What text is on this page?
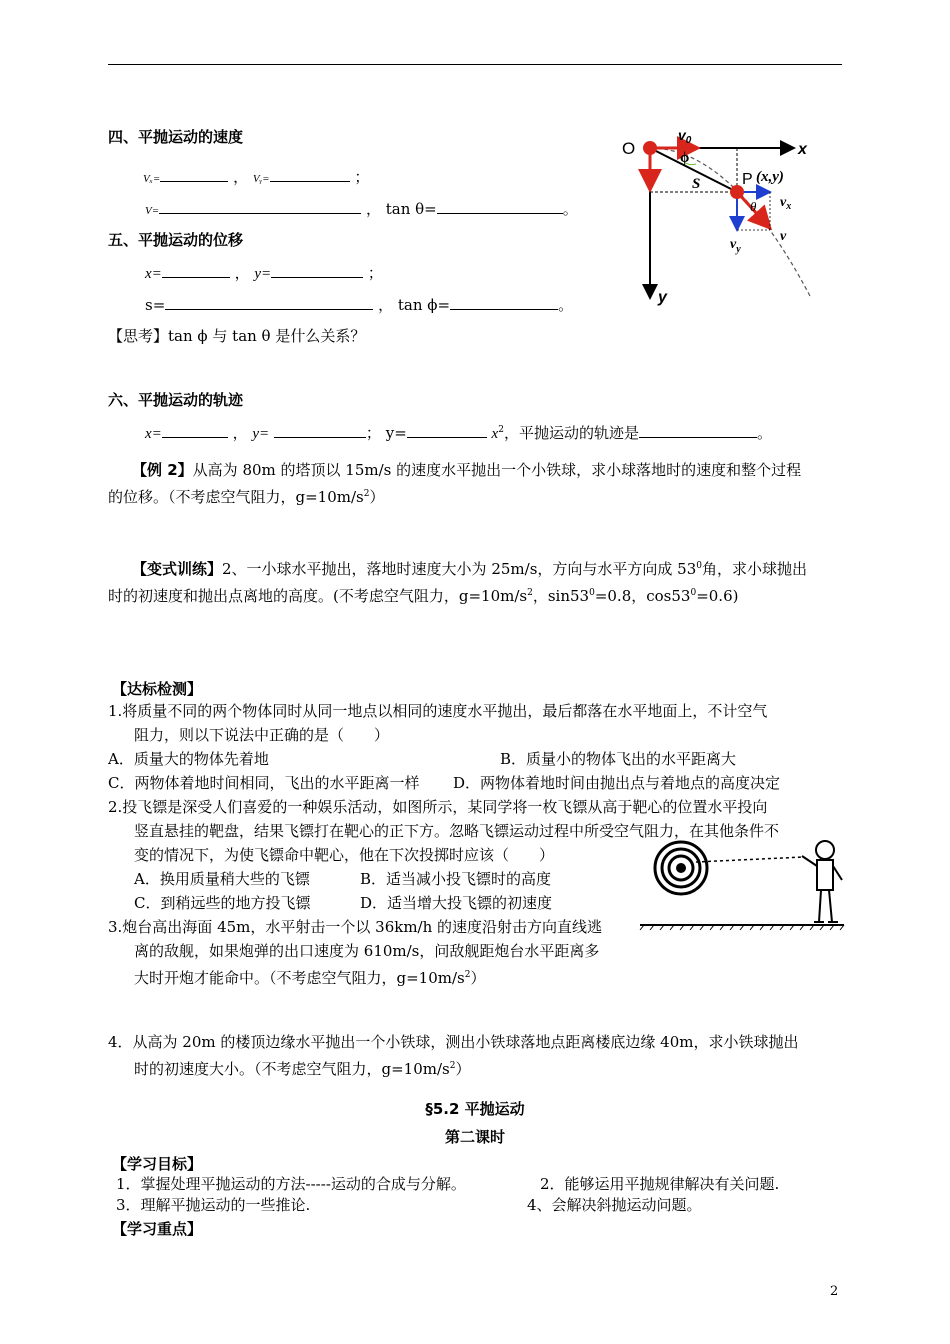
四、平抛运动的速度
Vₓ=	， Vᵧ=	；
V=	， tan θ=	。
五、平抛运动的位移
x=	， y=	；
s=	， tan ϕ=	。
【思考】tan ϕ 与 tan θ 是什么关系？
O
$v_0$
x
y
ϕ
S	P (x,y)
$v_x$
$v_y$
θ
v
六、平抛运动的轨迹
x=	， y=	； y=	$x^2$，平抛运动的轨迹是	。
【例 2】从高为 80m 的塔顶以 15m/s 的速度水平抛出一个小铁球，求小球落地时的速度和整个过程
的位移。（不考虑空气阻力，$g=10m/s^2$）
【变式训练】2、一小球水平抛出，落地时速度大小为 25m/s，方向与水平方向成 $53^0$角，求小球抛出
时的初速度和抛出点离地的高度。(不考虑空气阻力，$g=10m/s^2$，$\sin 53^0=0.8$，$\cos 53^0=0.6$)
【达标检测】
1.将质量不同的两个物体同时从同一地点以相同的速度水平抛出，最后都落在水平地面上，不计空气
阻力，则以下说法中正确的是（　　）
A．质量大的物体先着地	B．质量小的物体飞出的水平距离大
C．两物体着地时间相同，飞出的水平距离一样 D．两物体着地时间由抛出点与着地点的高度决定
2.投飞镖是深受人们喜爱的一种娱乐活动，如图所示，某同学将一枚飞镖从高于靶心的位置水平投向
竖直悬挂的靶盘，结果飞镖打在靶心的正下方。忽略飞镖运动过程中所受空气阻力，在其他条件不
变的情况下，为使飞镖命中靶心，他在下次投掷时应该（　　）
A．换用质量稍大些的飞镖	B．适当减小投飞镖时的高度
C．到稍远些的地方投飞镖	D．适当增大投飞镖的初速度
3.炮台高出海面 45m，水平射击一个以 36km/h 的速度沿射击方向直线逃
离的敌舰，如果炮弹的出口速度为 610m/s，问敌舰距炮台水平距离多
大时开炮才能命中。（不考虑空气阻力，$g=10m/s^2$）
4．从高为 20m 的楼顶边缘水平抛出一个小铁球，测出小铁球落地点距离楼底边缘 40m，求小铁球抛出
时的初速度大小。（不考虑空气阻力，$g=10m/s^2$）
§5.2 平抛运动
第二课时
【学习目标】
1．掌握处理平抛运动的方法-----运动的合成与分解。	2．能够运用平抛规律解决有关问题.
3．理解平抛运动的一些推论.	4、会解决斜抛运动问题。
【学习重点】
2
